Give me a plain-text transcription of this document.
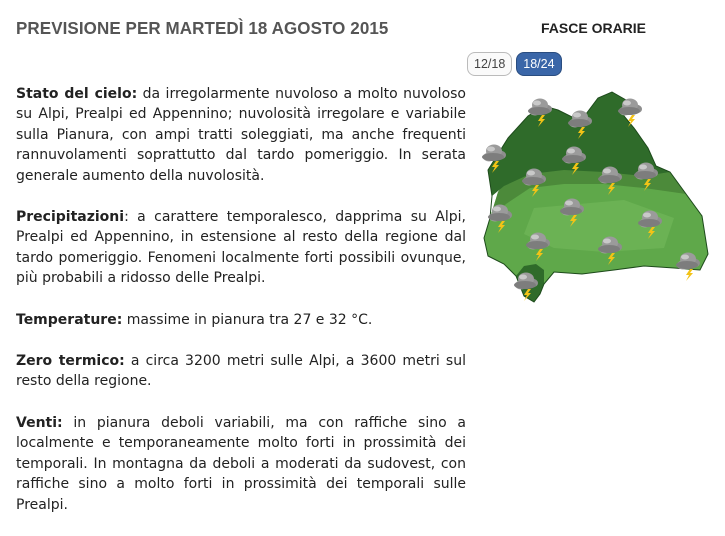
PREVISIONE PER MARTEDÌ 18 AGOSTO 2015

Stato del cielo: da irregolarmente nuvoloso a molto nuvoloso su Alpi, Prealpi ed Appennino; nuvolosità irregolare e variabile sulla Pianura, con ampi tratti soleggiati, ma anche frequenti rannuvolamenti soprattutto dal tardo pomeriggio. In serata generale aumento della nuvolosità.

Precipitazioni: a carattere temporalesco, dapprima su Alpi, Prealpi ed Appennino, in estensione al resto della regione dal tardo pomeriggio. Fenomeni localmente forti possibili ovunque, più probabili a ridosso delle Prealpi.

Temperature: massime in pianura tra 27 e 32 °C.

Zero termico: a circa 3200 metri sulle Alpi, a 3600 metri sul resto della regione.

Venti: in pianura deboli variabili, ma con raffiche sino a localmente e temporaneamente molto forti in prossimità dei temporali. In montagna da deboli a moderati da sudovest, con raffiche sino a molto forti in prossimità dei temporali sulle Prealpi.

FASCE ORARIE
12/18	18/24
